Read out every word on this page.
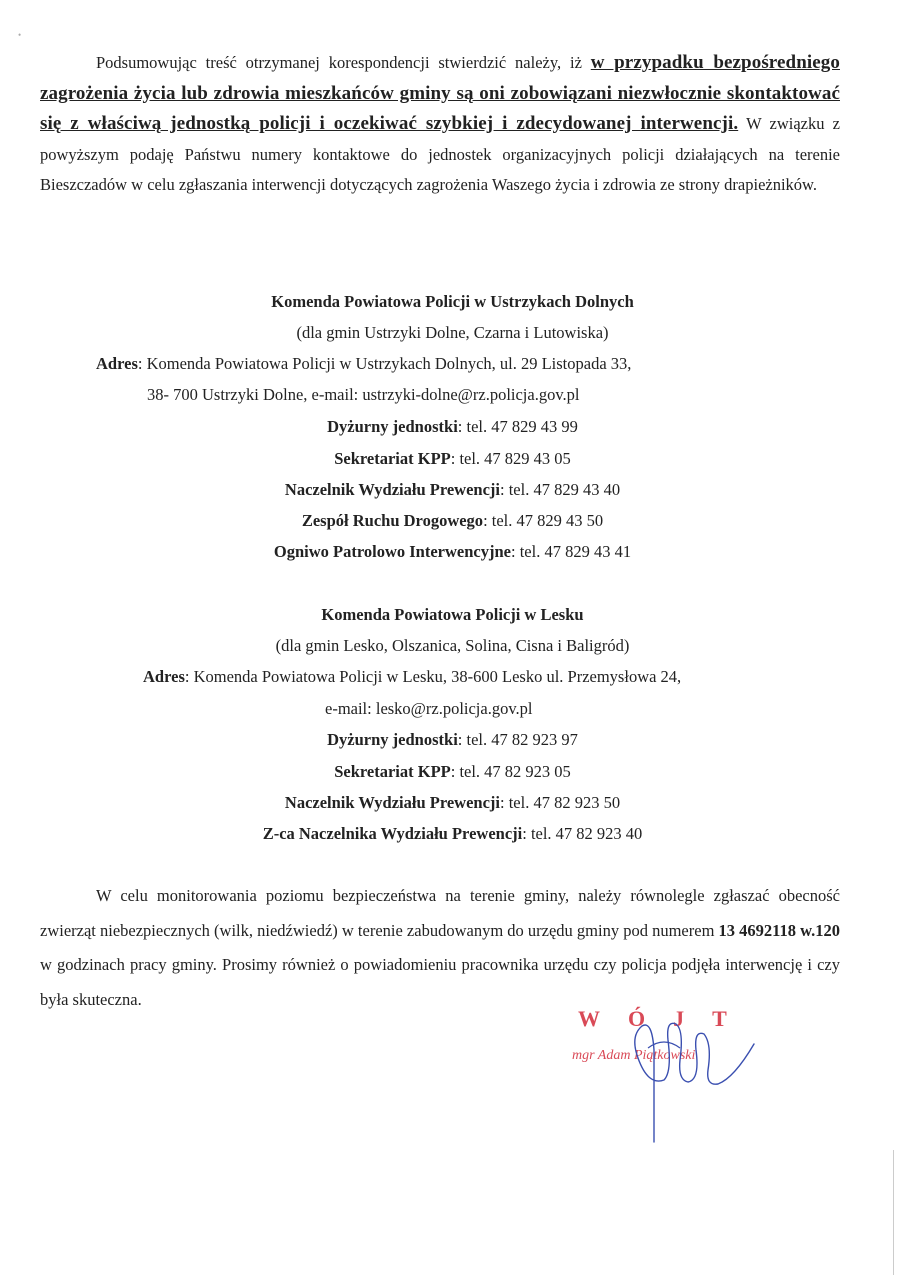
•

Podsumowując treść otrzymanej korespondencji stwierdzić należy, iż w przypadku bezpośredniego zagrożenia życia lub zdrowia mieszkańców gminy są oni zobowiązani niezwłocznie skontaktować się z właściwą jednostką policji i oczekiwać szybkiej i zdecydowanej interwencji. W związku z powyższym podaję Państwu numery kontaktowe do jednostek organizacyjnych policji działających na terenie Bieszczadów w celu zgłaszania interwencji dotyczących zagrożenia Waszego życia i zdrowia ze strony drapieżników.

Komenda Powiatowa Policji w Ustrzykach Dolnych
(dla gmin Ustrzyki Dolne, Czarna i Lutowiska)
Adres: Komenda Powiatowa Policji w Ustrzykach Dolnych, ul. 29 Listopada 33,
38- 700 Ustrzyki Dolne, e-mail: ustrzyki-dolne@rz.policja.gov.pl
Dyżurny jednostki: tel. 47 829 43 99
Sekretariat KPP: tel. 47 829 43 05
Naczelnik Wydziału Prewencji: tel. 47 829 43 40
Zespół Ruchu Drogowego: tel. 47 829 43 50
Ogniwo Patrolowo Interwencyjne: tel. 47 829 43 41
Komenda Powiatowa Policji w Lesku
(dla gmin Lesko, Olszanica, Solina, Cisna i Baligród)
Adres: Komenda Powiatowa Policji w Lesku, 38-600 Lesko ul. Przemysłowa 24,
e-mail: lesko@rz.policja.gov.pl
Dyżurny jednostki: tel. 47 82 923 97
Sekretariat KPP: tel. 47 82 923 05
Naczelnik Wydziału Prewencji: tel. 47 82 923 50
Z-ca Naczelnika Wydziału Prewencji: tel. 47 82 923 40

W celu monitorowania poziomu bezpieczeństwa na terenie gminy, należy równolegle zgłaszać obecność zwierząt niebezpiecznych (wilk, niedźwiedź) w terenie zabudowanym do urzędu gminy pod numerem 13 4692118 w.120 w godzinach pracy gminy. Prosimy również o powiadomieniu pracownika urzędu czy policja podjęła interwencję i czy była skuteczna.

WÓJT
mgr Adam Piątkowski
